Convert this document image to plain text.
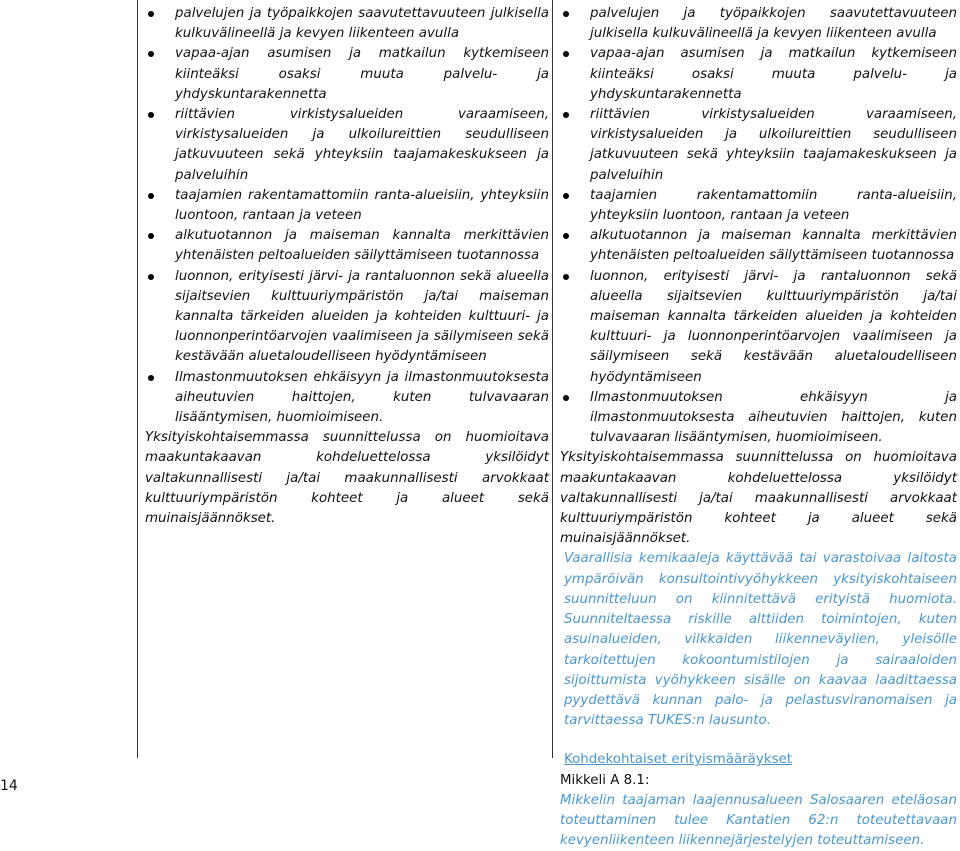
palvelujen ja työpaikkojen saavutettavuuteen julkisella kulkuvälineellä ja kevyen liikenteen avulla
vapaa-ajan asumisen ja matkailun kytkemiseen kiinteäksi osaksi muuta palvelu- ja yhdyskuntarakennetta
riittävien virkistysalueiden varaamiseen, virkistysalueiden ja ulkoilureittien seudulliseen jatkuvuuteen sekä yhteyksiin taajamakeskukseen ja palveluihin
taajamien rakentamattomiin ranta-alueisiin, yhteyksiin luontoon, rantaan ja veteen
alkutuotannon ja maiseman kannalta merkittävien yhtenäisten peltoalueiden säilyttämiseen tuotannossa
luonnon, erityisesti järvi- ja rantaluonnon sekä alueella sijaitsevien kulttuuriympäristön ja/tai maiseman kannalta tärkeiden alueiden ja kohteiden kulttuuri- ja luonnonperintöarvojen vaalimiseen ja säilymiseen sekä kestävään aluetaloudelliseen hyödyntämiseen
Ilmastonmuutoksen ehkäisyyn ja ilmastonmuutoksesta aiheutuvien haittojen, kuten tulvavaaran lisääntymisen, huomioimiseen.

Yksityiskohtaisemmassa suunnittelussa on huomioitava maakuntakaavan kohdeluettelossa yksilöidyt valtakunnallisesti ja/tai maakunnallisesti arvokkaat kulttuuriympäristön kohteet ja alueet sekä muinaisjäännökset.

palvelujen ja työpaikkojen saavutettavuuteen julkisella kulkuvälineellä ja kevyen liikenteen avulla
vapaa-ajan asumisen ja matkailun kytkemiseen kiinteäksi osaksi muuta palvelu- ja yhdyskuntarakennetta
riittävien virkistysalueiden varaamiseen, virkistysalueiden ja ulkoilureittien seudulliseen jatkuvuuteen sekä yhteyksiin taajamakeskukseen ja palveluihin
taajamien rakentamattomiin ranta-alueisiin, yhteyksiin luontoon, rantaan ja veteen
alkutuotannon ja maiseman kannalta merkittävien yhtenäisten peltoalueiden säilyttämiseen tuotannossa
luonnon, erityisesti järvi- ja rantaluonnon sekä alueella sijaitsevien kulttuuriympäristön ja/tai maiseman kannalta tärkeiden alueiden ja kohteiden kulttuuri- ja luonnonperintöarvojen vaalimiseen ja säilymiseen sekä kestävään aluetaloudelliseen hyödyntämiseen
Ilmastonmuutoksen ehkäisyyn ja ilmastonmuutoksesta aiheutuvien haittojen, kuten tulvavaaran lisääntymisen, huomioimiseen.

Yksityiskohtaisemmassa suunnittelussa on huomioitava maakuntakaavan kohdeluettelossa yksilöidyt valtakunnallisesti ja/tai maakunnallisesti arvokkaat kulttuuriympäristön kohteet ja alueet sekä muinaisjäännökset.

Vaarallisia kemikaaleja käyttävää tai varastoivaa laitosta ympäröivän konsultointivyöhykkeen yksityiskohtaiseen suunnitteluun on kiinnitettävä erityistä huomiota. Suunniteltaessa riskille alttiiden toimintojen, kuten asuinalueiden, vilkkaiden liikenneväylien, yleisölle tarkoitettujen kokoontumistilojen ja sairaaloiden sijoittumista vyöhykkeen sisälle on kaavaa laadittaessa pyydettävä kunnan palo- ja pelastusviranomaisen ja tarvittaessa TUKES:n lausunto.

Kohdekohtaiset erityismääräykset
Mikkeli A 8.1:
Mikkelin taajaman laajennusalueen Salosaaren eteläosan toteuttaminen tulee Kantatien 62:n toteutettavaan kevyenliikenteen liikennejärjestelyjen toteuttamiseen.
14
